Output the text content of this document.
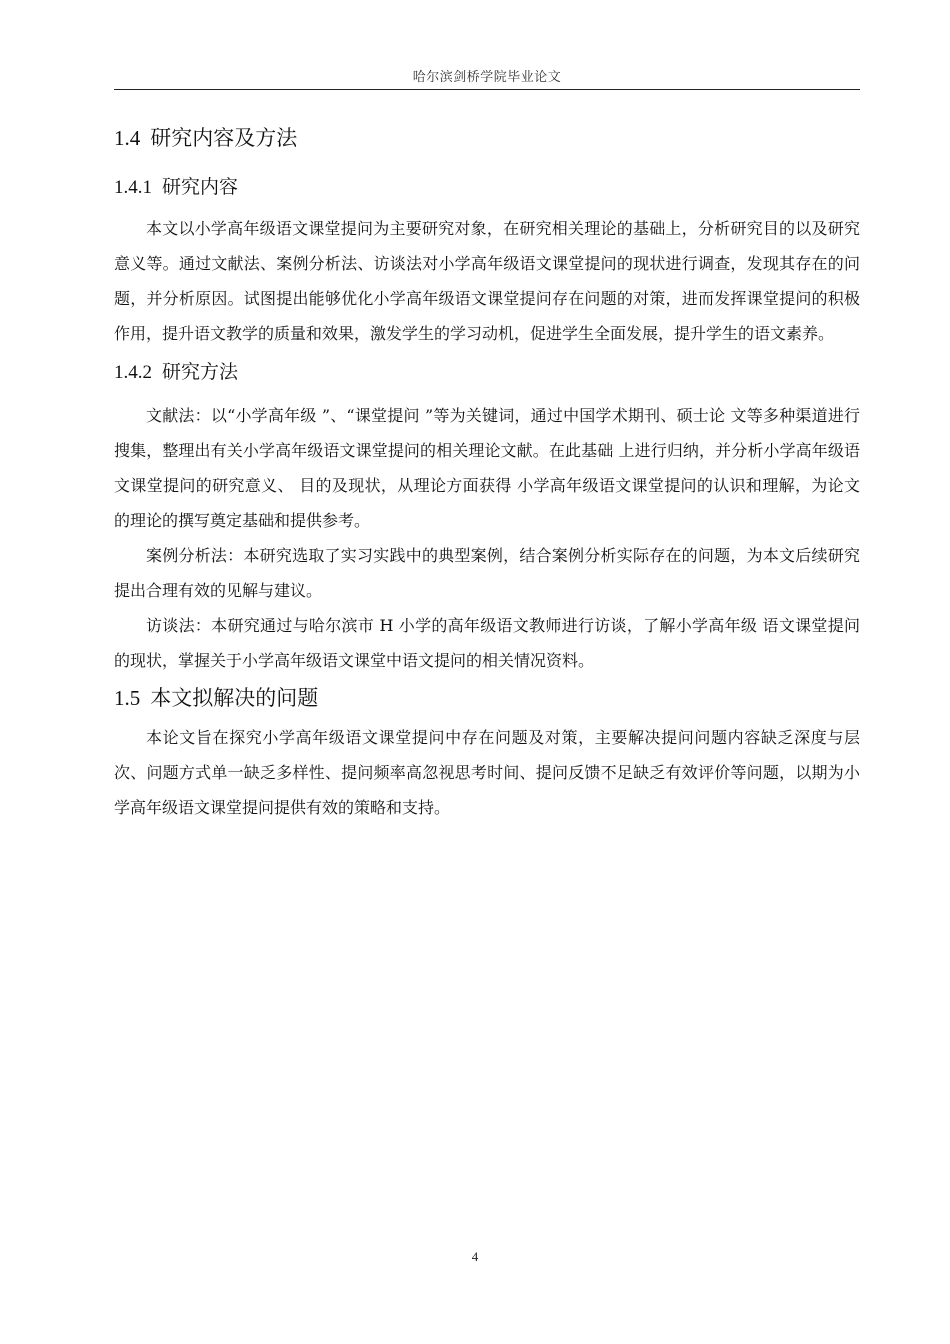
哈尔滨剑桥学院毕业论文
1.4 研究内容及方法
1.4.1 研究内容

本文以小学高年级语文课堂提问为主要研究对象，在研究相关理论的基础上，分析研究目的以及研究意义等。通过文献法、案例分析法、访谈法对小学高年级语文课堂提问的现状进行调查，发现其存在的问题，并分析原因。试图提出能够优化小学高年级语文课堂提问存在问题的对策，进而发挥课堂提问的积极作用，提升语文教学的质量和效果，激发学生的学习动机，促进学生全面发展，提升学生的语文素养。

1.4.2 研究方法

文献法：以“小学高年级 ”、“课堂提问 ”等为关键词，通过中国学术期刊、硕士论 文等多种渠道进行搜集，整理出有关小学高年级语文课堂提问的相关理论文献。在此基础 上进行归纳，并分析小学高年级语文课堂提问的研究意义、 目的及现状，从理论方面获得 小学高年级语文课堂提问的认识和理解，为论文的理论的撰写奠定基础和提供参考。

案例分析法：本研究选取了实习实践中的典型案例，结合案例分析实际存在的问题，为本文后续研究提出合理有效的见解与建议。

访谈法：本研究通过与哈尔滨市 H 小学的高年级语文教师进行访谈，了解小学高年级 语文课堂提问的现状，掌握关于小学高年级语文课堂中语文提问的相关情况资料。

1.5 本文拟解决的问题

本论文旨在探究小学高年级语文课堂提问中存在问题及对策，主要解决提问问题内容缺乏深度与层次、问题方式单一缺乏多样性、提问频率高忽视思考时间、提问反馈不足缺乏有效评价等问题，以期为小学高年级语文课堂提问提供有效的策略和支持。

4
